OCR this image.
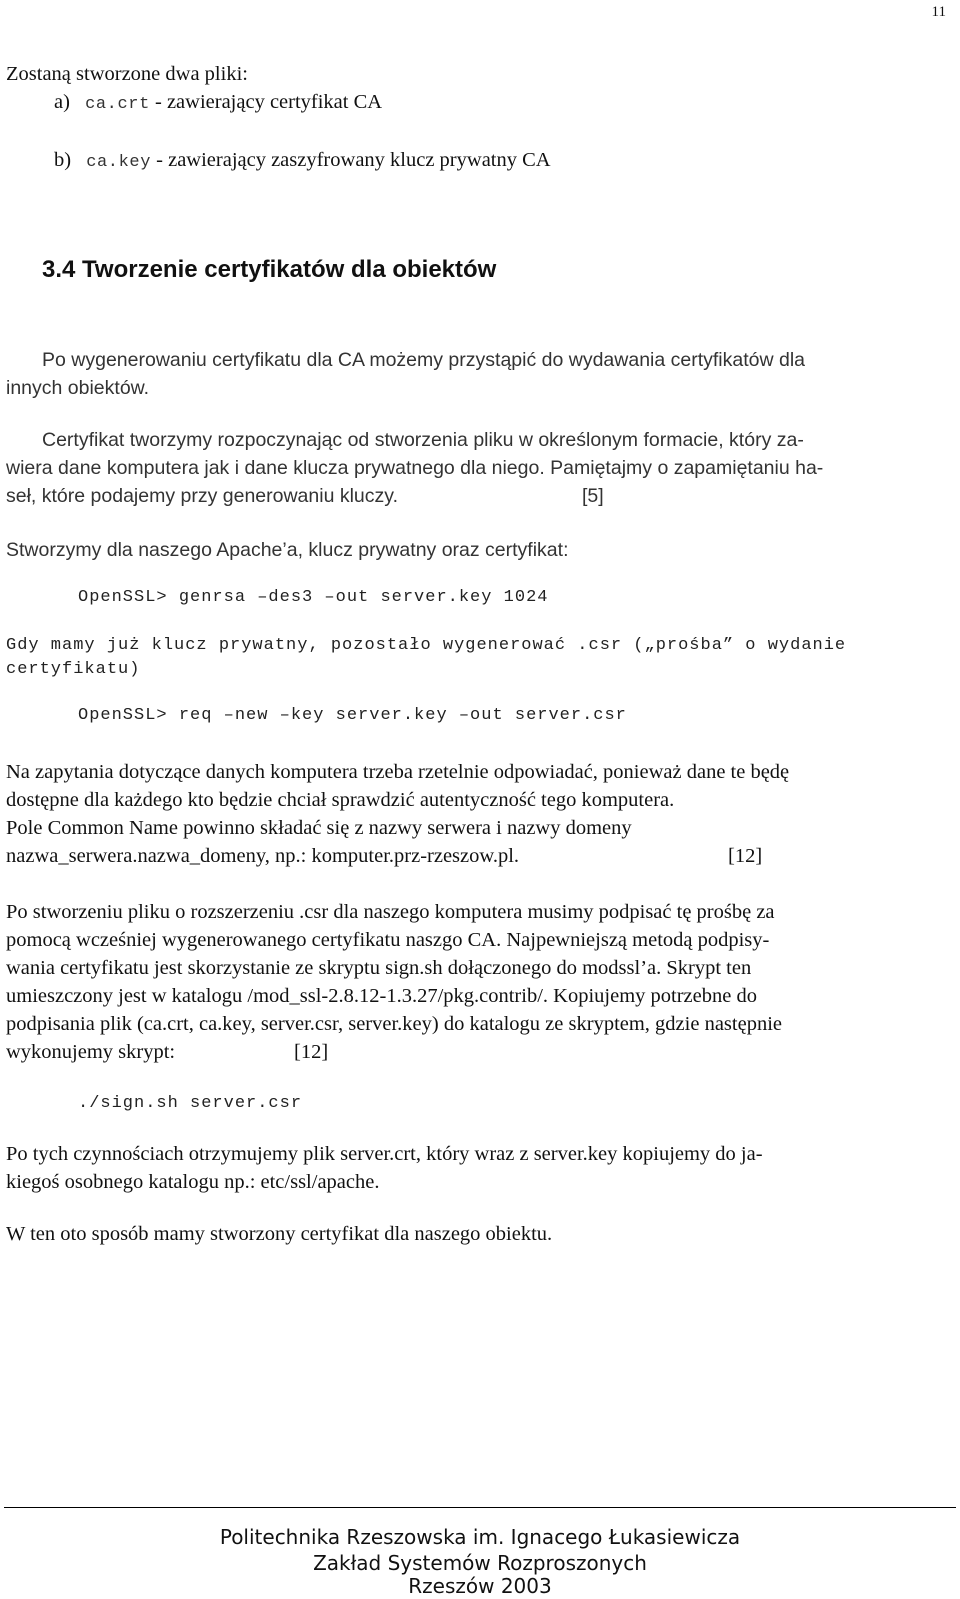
11

Zostaną stworzone dwa pliki:

a) ca.crt - zawierający certyfikat CA
b) ca.key - zawierający zaszyfrowany klucz prywatny CA
3.4 Tworzenie certyfikatów dla obiektów
Po wygenerowaniu certyfikatu dla CA możemy przystąpić do wydawania certyfikatów dla
innych obiektów.
Certyfikat tworzymy rozpoczynając od stworzenia pliku w określonym formacie, który za-
wiera dane komputera jak i dane klucza prywatnego dla niego. Pamiętajmy o zapamiętaniu ha-
seł, które podajemy przy generowaniu kluczy.	[5]
Stworzymy dla naszego Apache’a, klucz prywatny oraz certyfikat:
OpenSSL> genrsa –des3 –out server.key 1024
Gdy mamy już klucz prywatny, pozostało wygenerować .csr („prośba” o wydanie
certyfikatu)
OpenSSL> req –new –key server.key –out server.csr
Na zapytania dotyczące danych komputera trzeba rzetelnie odpowiadać, ponieważ dane te będę
dostępne dla każdego kto będzie chciał sprawdzić autentyczność tego komputera.
Pole Common Name powinno składać się z nazwy serwera i nazwy domeny
nazwa_serwera.nazwa_domeny, np.: komputer.prz-rzeszow.pl.	[12]
Po stworzeniu pliku o rozszerzeniu .csr dla naszego komputera musimy podpisać tę prośbę za
pomocą wcześniej wygenerowanego certyfikatu naszgo CA. Najpewniejszą metodą podpisy-
wania certyfikatu jest skorzystanie ze skryptu sign.sh dołączonego do modssl’a. Skrypt ten
umieszczony jest w katalogu /mod_ssl-2.8.12-1.3.27/pkg.contrib/. Kopiujemy potrzebne do
podpisania plik (ca.crt, ca.key, server.csr, server.key) do katalogu ze skryptem, gdzie następnie
wykonujemy skrypt:	[12]
./sign.sh server.csr
Po tych czynnościach otrzymujemy plik server.crt, który wraz z server.key kopiujemy do ja-
kiegoś osobnego katalogu np.: etc/ssl/apache.
W ten oto sposób mamy stworzony certyfikat dla naszego obiektu.
Politechnika Rzeszowska im. Ignacego Łukasiewicza
Zakład Systemów Rozproszonych
Rzeszów 2003
